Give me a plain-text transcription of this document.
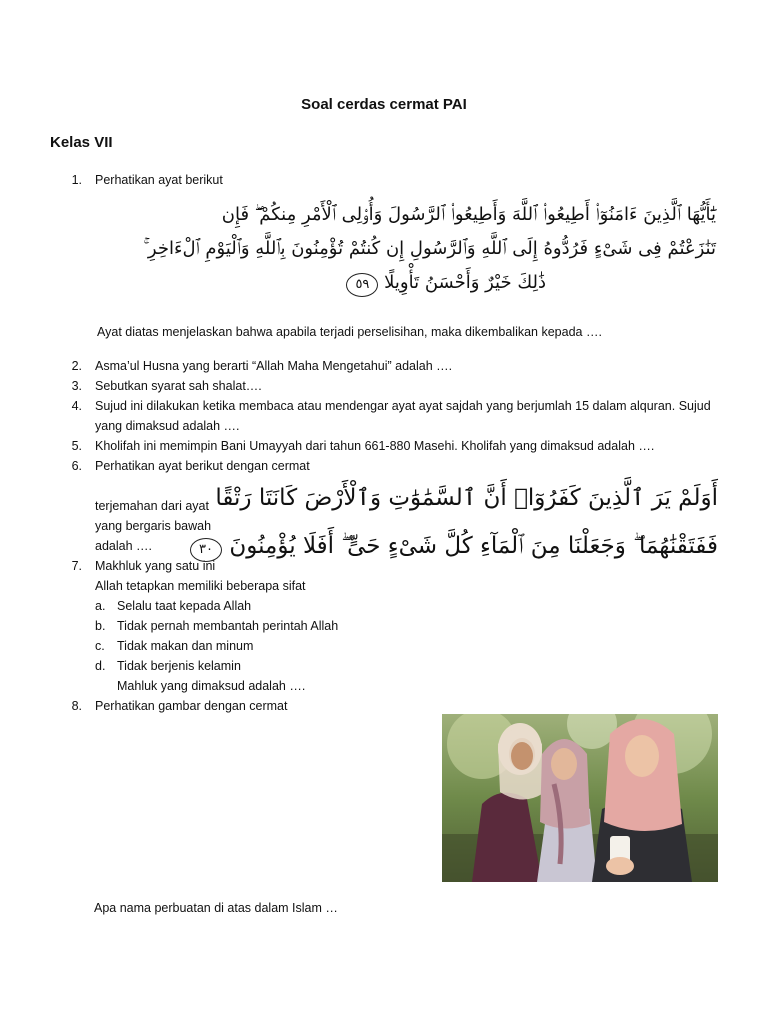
Soal cerdas cermat PAI
Kelas VII
1. Perhatikan ayat berikut
يَٰٓأَيُّهَا ٱلَّذِينَ ءَامَنُوٓا۟ أَطِيعُوا۟ ٱللَّهَ وَأَطِيعُوا۟ ٱلرَّسُولَ وَأُو۟لِى ٱلْأَمْرِ مِنكُمْ ۖ فَإِن
تَنَٰزَعْتُمْ فِى شَىْءٍ فَرُدُّوهُ إِلَى ٱللَّهِ وَٱلرَّسُولِ إِن كُنتُمْ تُؤْمِنُونَ بِٱللَّهِ وَٱلْيَوْمِ ٱلْءَاخِرِ ۚ
ذَٰلِكَ خَيْرٌ وَأَحْسَنُ تَأْوِيلًا ٥٩
Ayat diatas menjelaskan bahwa apabila terjadi perselisihan, maka dikembalikan kepada ….
2. Asma’ul Husna yang berarti “Allah Maha Mengetahui” adalah ….
3. Sebutkan syarat sah shalat….
4. Sujud ini dilakukan ketika membaca atau mendengar ayat ayat sajdah yang berjumlah 15 dalam alquran. Sujud
yang dimaksud adalah ….
5. Kholifah ini memimpin Bani Umayyah dari tahun 661-880 Masehi. Kholifah yang dimaksud adalah ….
6. Perhatikan ayat berikut dengan cermat
terjemahan dari ayat
yang bergaris bawah
adalah ….
أَوَلَمْ يَرَ ٱلَّذِينَ كَفَرُوٓا۟ أَنَّ ٱلسَّمَٰوَٰتِ وَٱلْأَرْضَ كَانَتَا رَتْقًا
فَفَتَقْنَٰهُمَا ۖ وَجَعَلْنَا مِنَ ٱلْمَآءِ كُلَّ شَىْءٍ حَىٍّ ۖ أَفَلَا يُؤْمِنُونَ ٣٠
7. Makhluk yang satu ini
Allah tetapkan memiliki beberapa sifat
a. Selalu taat kepada Allah
b. Tidak pernah membantah perintah Allah
c. Tidak makan dan minum
d. Tidak berjenis kelamin
Mahluk yang dimaksud adalah ….
8. Perhatikan gambar dengan cermat
Apa nama perbuatan di atas dalam Islam …
